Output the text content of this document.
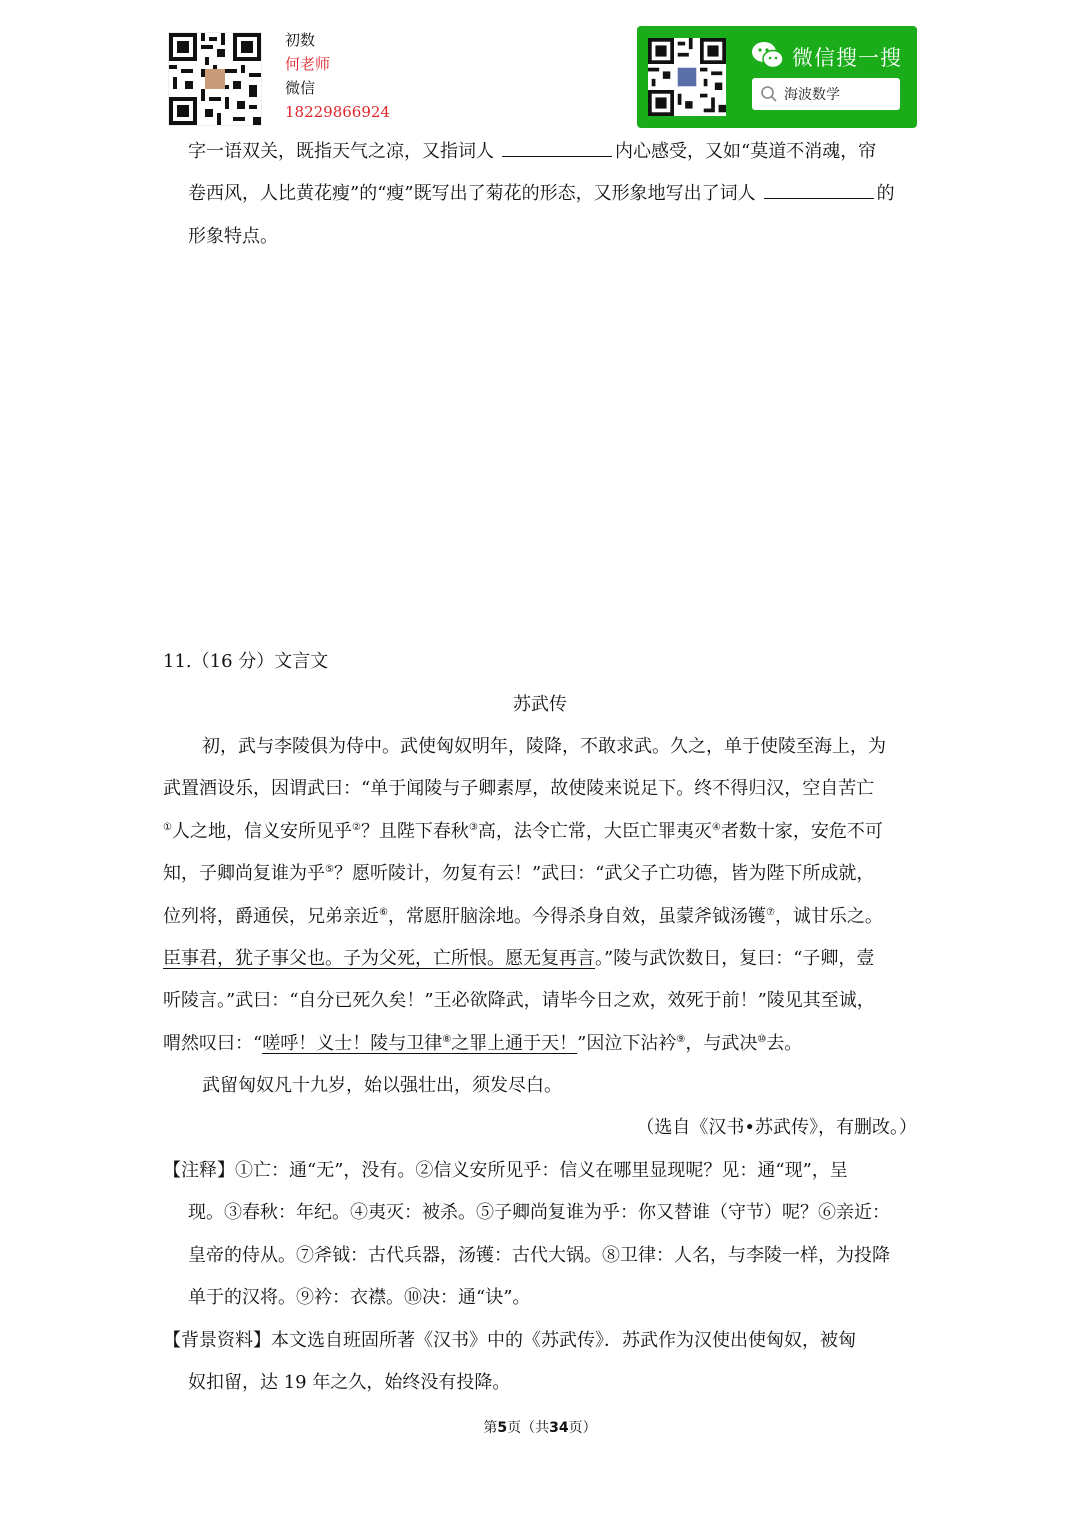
初数
何老师
微信
18229866924
微信搜一搜
海波数学
字一语双关，既指天气之凉，又指词人	内心感受，又如“莫道不消魂，帘
卷西风，人比黄花瘦”的“瘦”既写出了菊花的形态，又形象地写出了词人	的
形象特点。
11.（16 分）文言文
苏武传
初，武与李陵俱为侍中。武使匈奴明年，陵降，不敢求武。久之，单于使陵至海上，为
武置酒设乐，因谓武曰：“单于闻陵与子卿素厚，故使陵来说足下。终不得归汉，空自苦亡
①人之地，信义安所见乎②？且陛下春秋③高，法令亡常，大臣亡罪夷灭④者数十家，安危不可
知，子卿尚复谁为乎⑤？愿听陵计，勿复有云！”武曰：“武父子亡功德，皆为陛下所成就，
位列将，爵通侯，兄弟亲近⑥，常愿肝脑涂地。今得杀身自效，虽蒙斧钺汤镬⑦，诚甘乐之。
臣事君，犹子事父也。子为父死，亡所恨。愿无复再言。”陵与武饮数日，复曰：“子卿，壹
听陵言。”武曰：“自分已死久矣！”王必欲降武，请毕今日之欢，效死于前！”陵见其至诚，
喟然叹曰：“嗟呼！义士！陵与卫律⑧之罪上通于天！”因泣下沾衿⑨，与武决⑩去。
武留匈奴凡十九岁，始以强壮出，须发尽白。
（选自《汉书•苏武传》，有删改。）
【注释】①亡：通“无”，没有。②信义安所见乎：信义在哪里显现呢？见：通“现”，呈
现。③春秋：年纪。④夷灭：被杀。⑤子卿尚复谁为乎：你又替谁（守节）呢？⑥亲近：
皇帝的侍从。⑦斧钺：古代兵器，汤镬：古代大锅。⑧卫律：人名，与李陵一样，为投降
单于的汉将。⑨衿：衣襟。⑩决：通“诀”。
【背景资料】本文选自班固所著《汉书》中的《苏武传》．苏武作为汉使出使匈奴，被匈
奴扣留，达 19 年之久，始终没有投降。
第5页（共34页）
